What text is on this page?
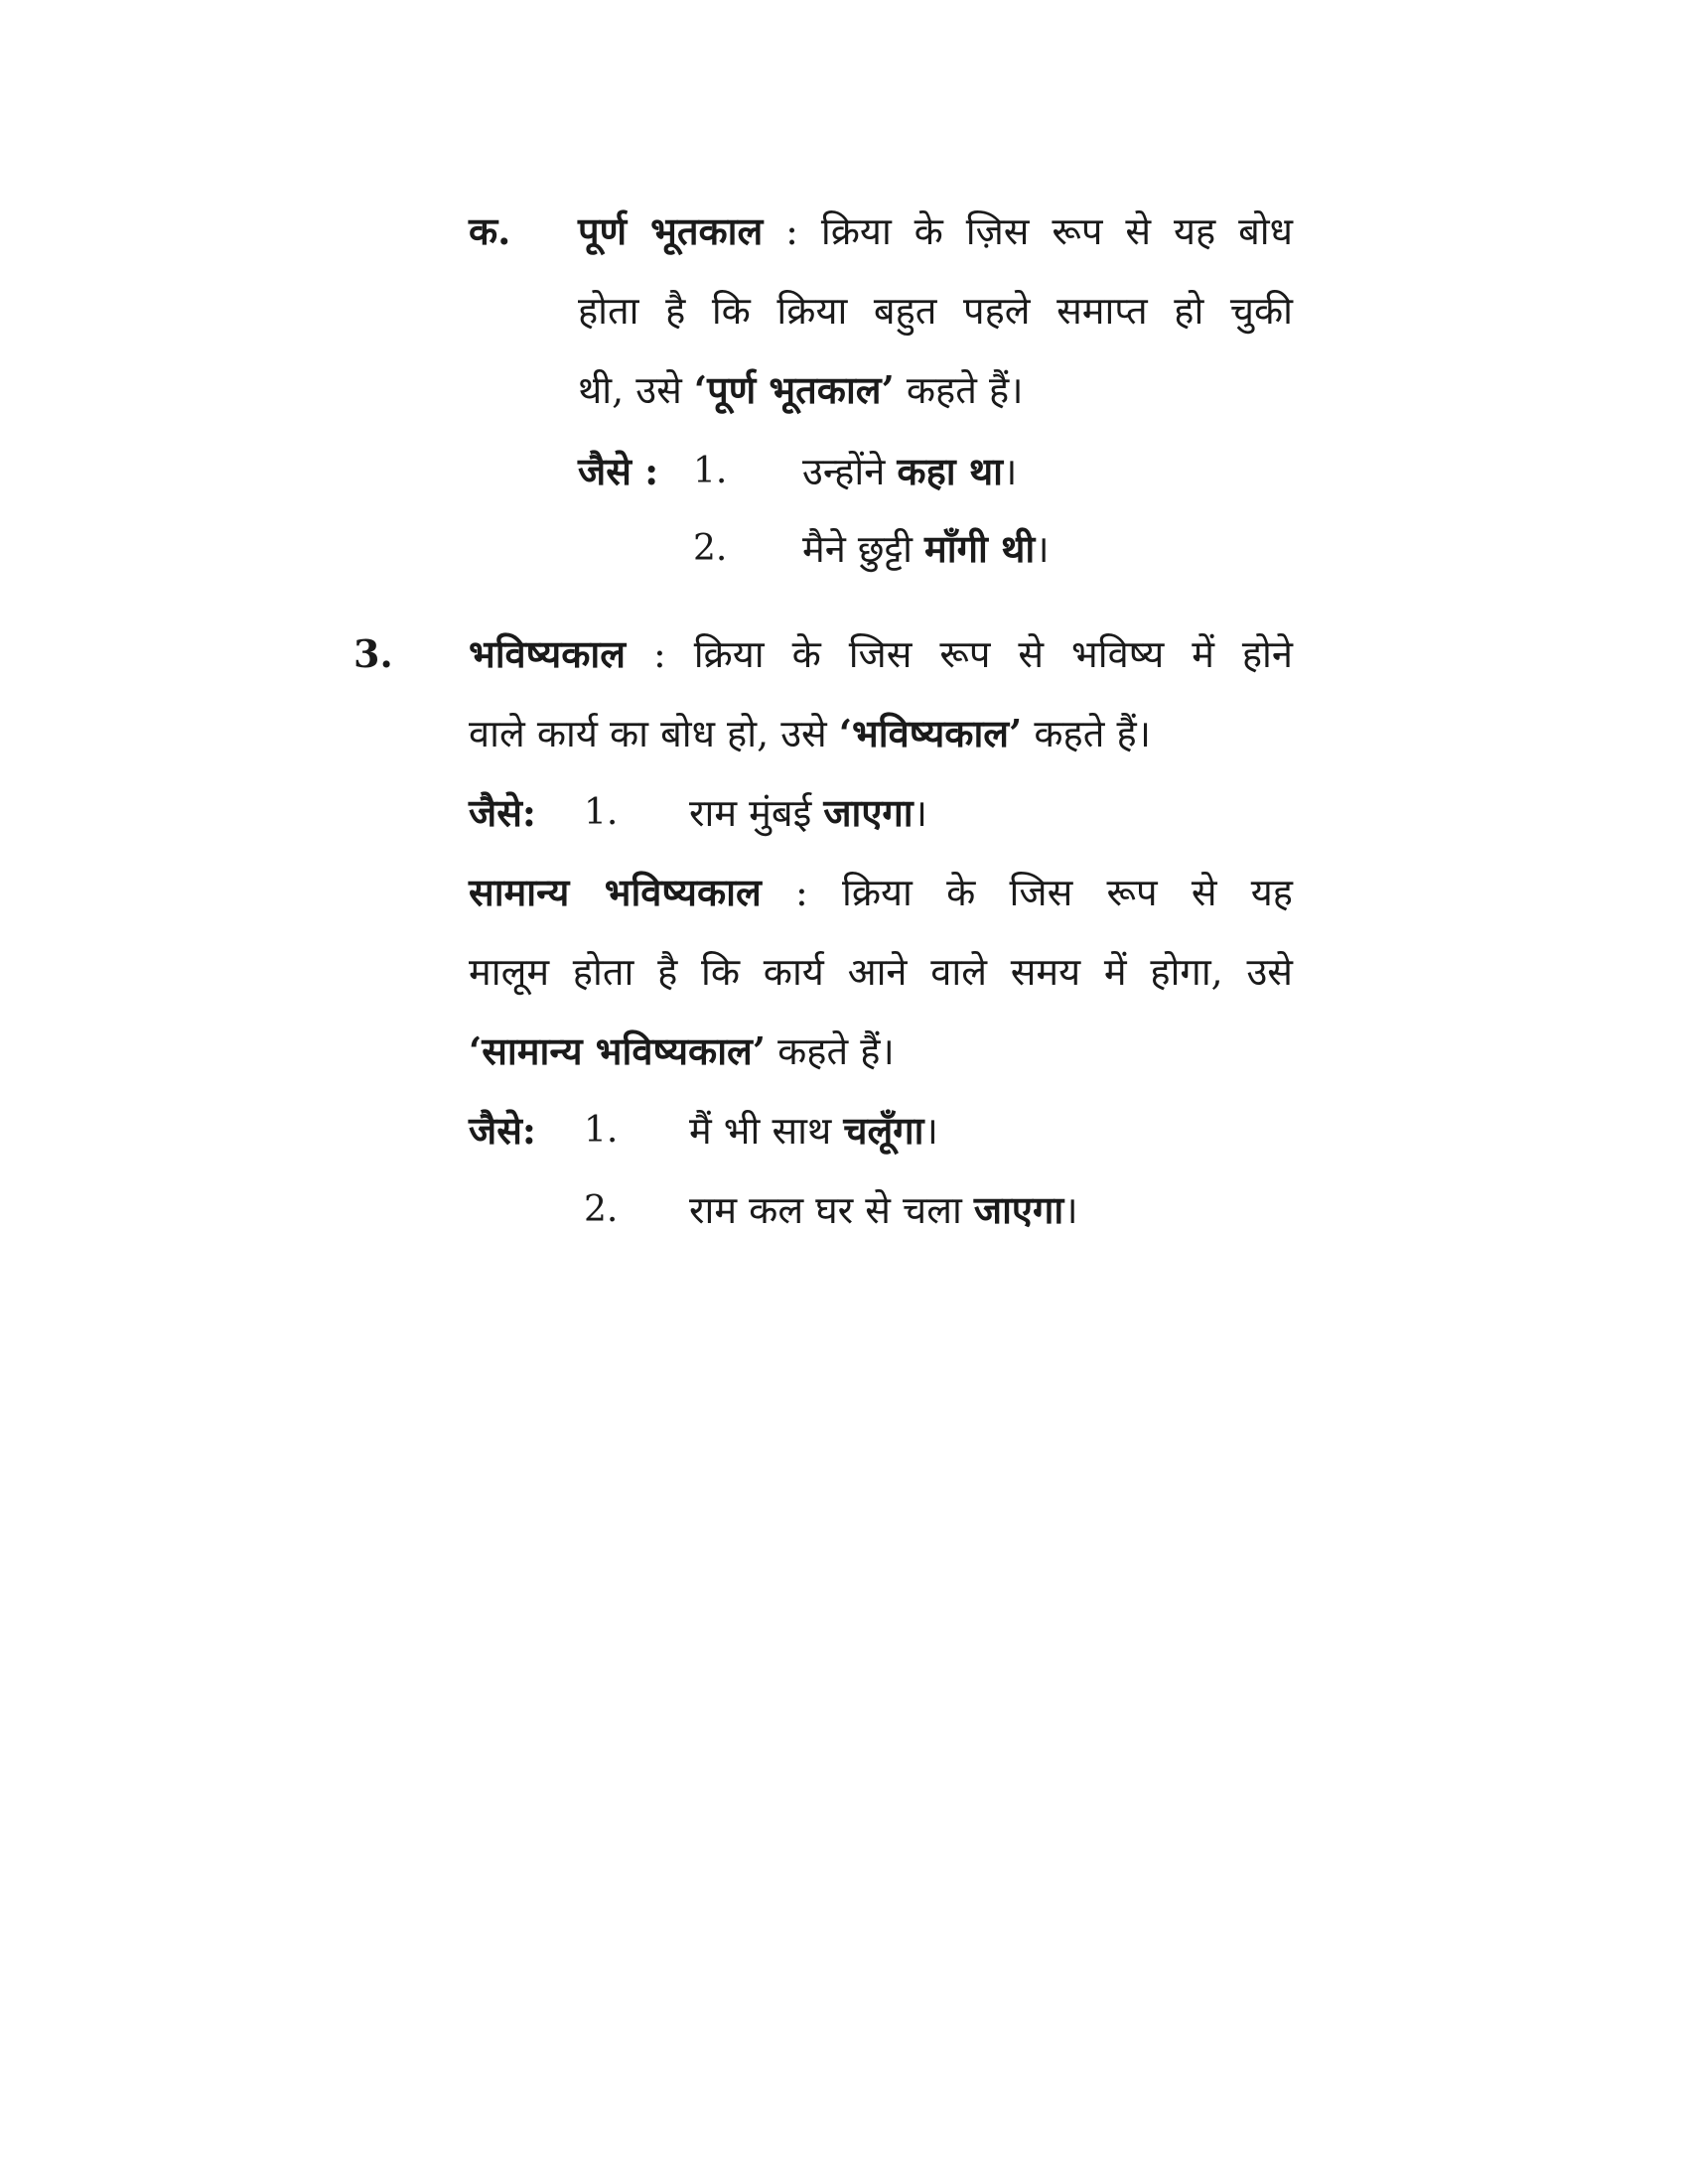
क. पूर्ण भूतकाल : क्रिया के ज़िस रूप से यह बोध

होता है कि क्रिया बहुत पहले समाप्त हो चुकी

थी, उसे ‘पूर्ण भूतकाल’ कहते हैं।

जैसे : 1. उन्होंने कहा था।

2. मैने छुट्टी माँगी थी।

3. भविष्यकाल : क्रिया के जिस रूप से भविष्य में होने

वाले कार्य का बोध हो, उसे ‘भविष्यकाल’ कहते हैं।

जैसे: 1. राम मुंबई जाएगा।

सामान्य भविष्यकाल : क्रिया के जिस रूप से यह

मालूम होता है कि कार्य आने वाले समय में होगा, उसे

‘सामान्य भविष्यकाल’ कहते हैं।

जैसे: 1. मैं भी साथ चलूँगा।

2. राम कल घर से चला जाएगा।
